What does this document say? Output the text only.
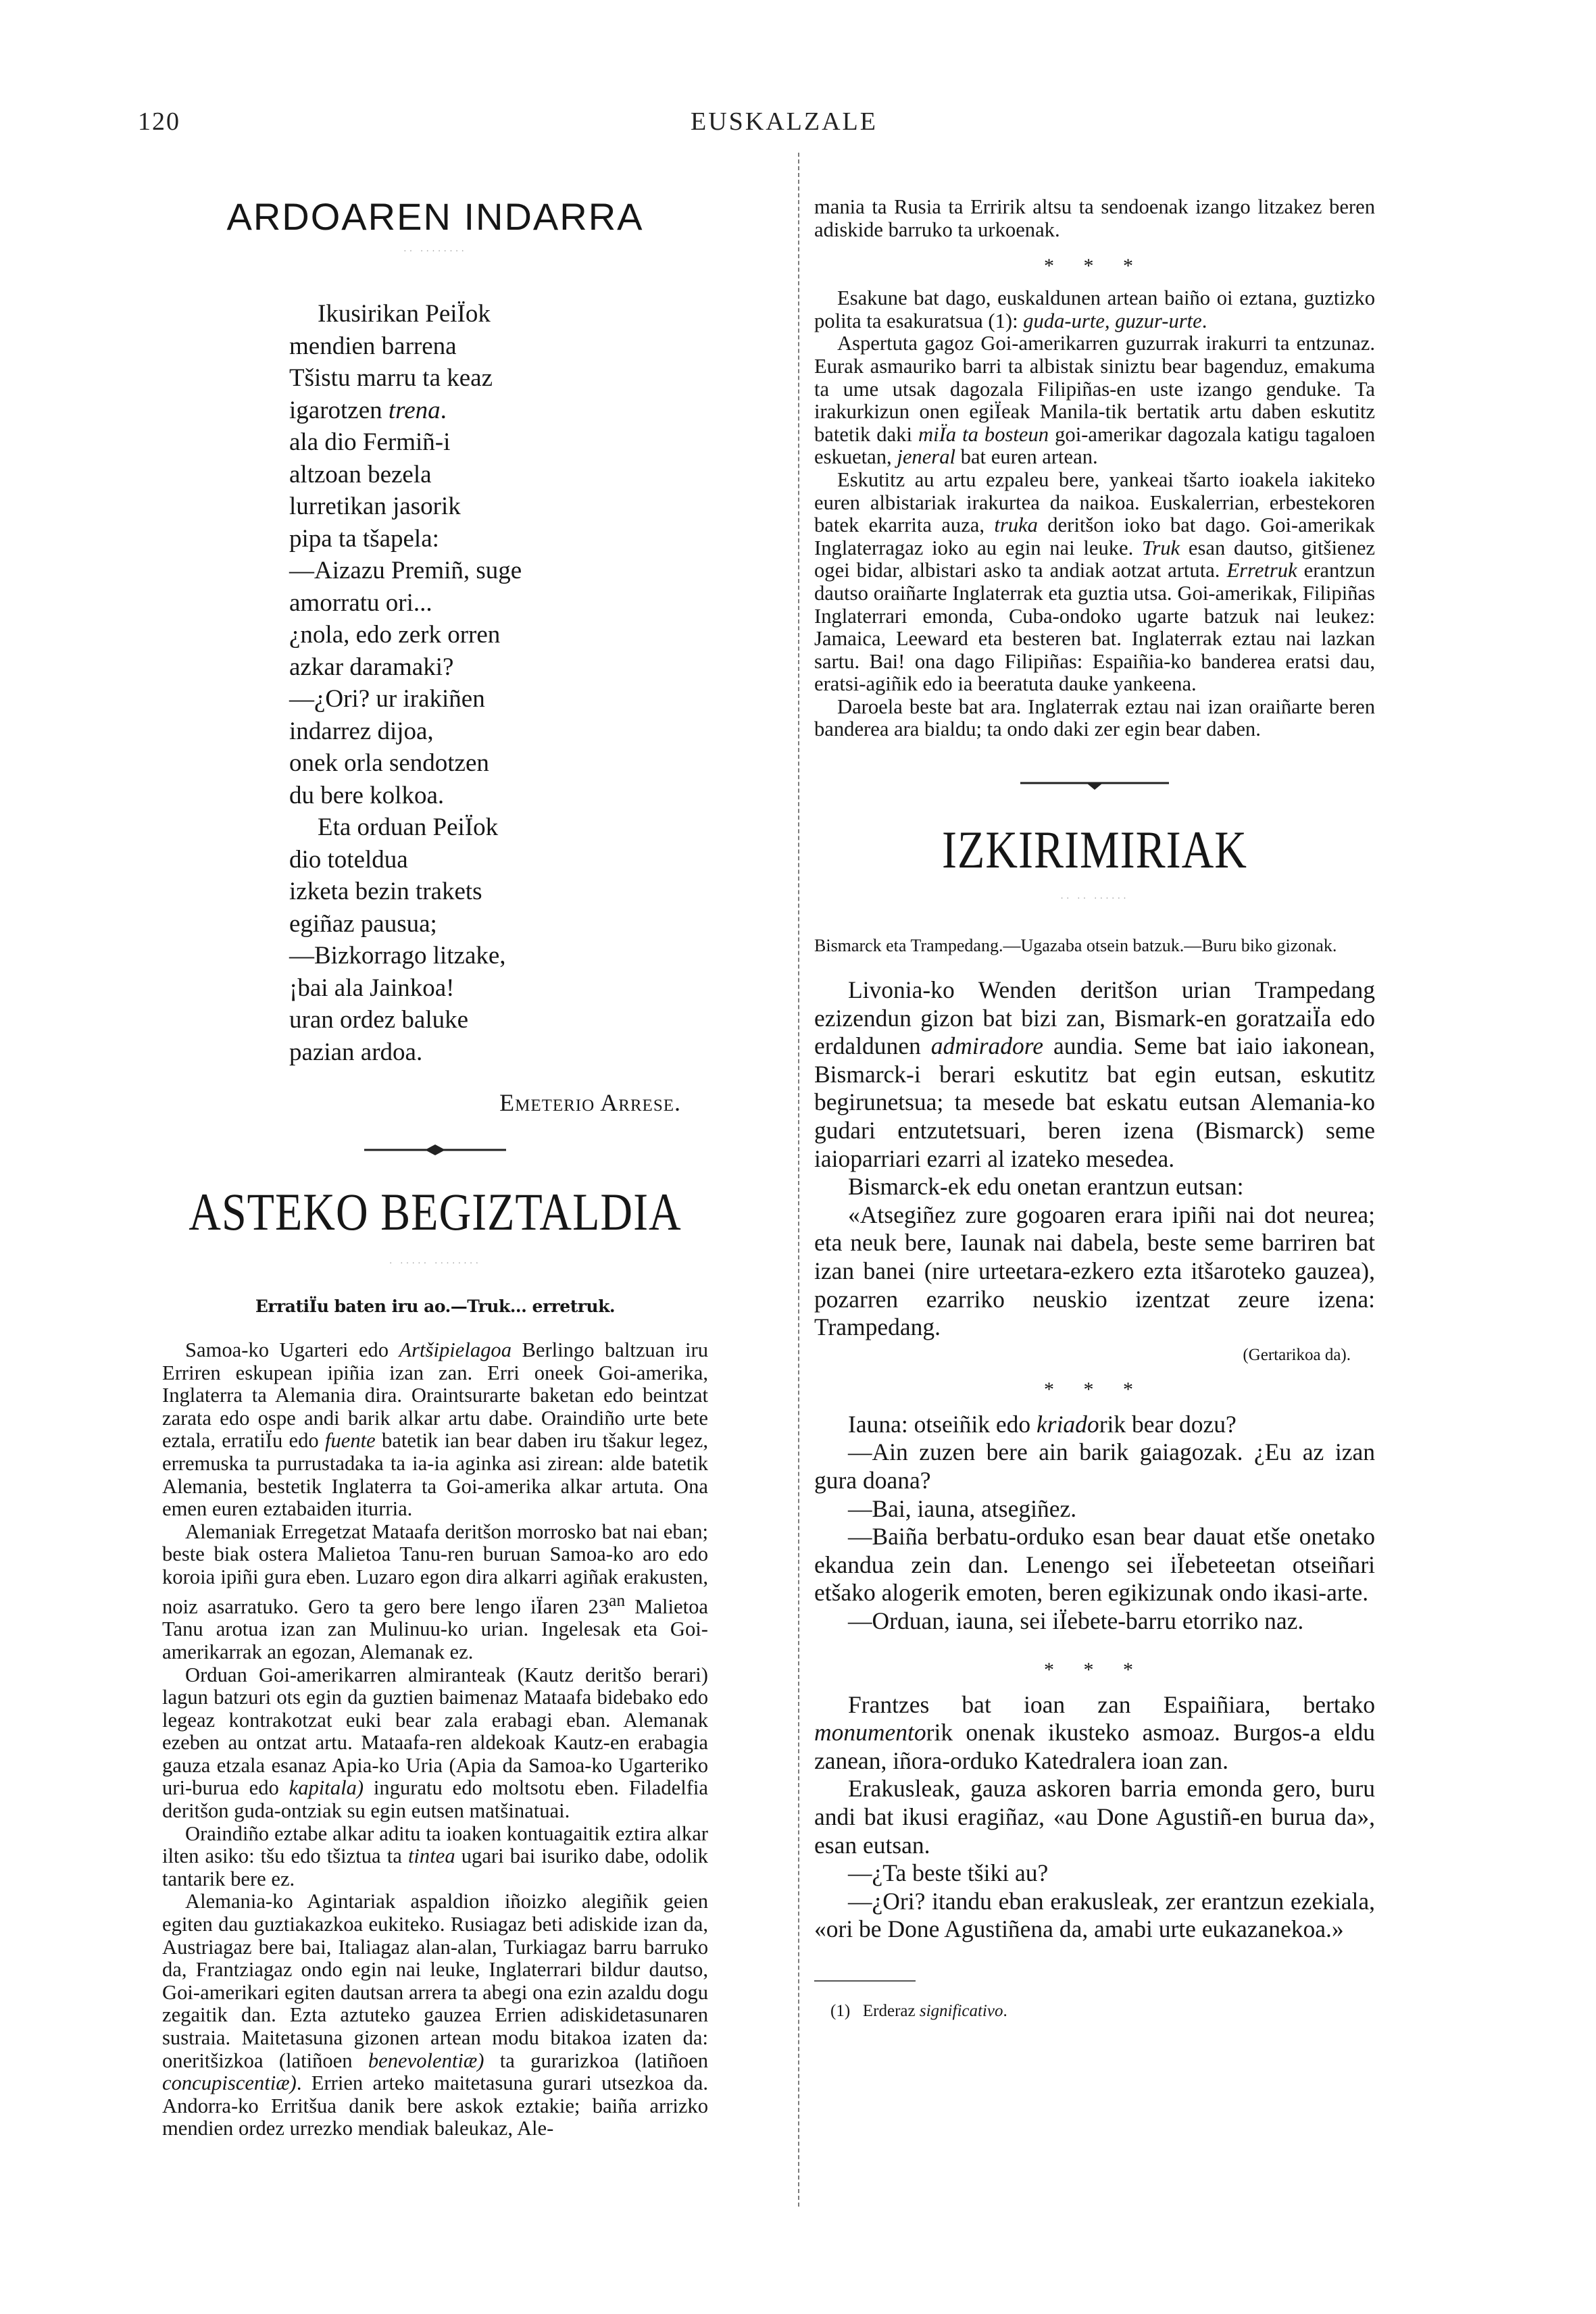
120	EUSKALZALE
ARDOAREN INDARRA
·· ········
Ikusirikan PeiÏok
mendien barrena
Tšistu marru ta keaz
igarotzen trena.
ala dio Fermiñ-i
altzoan bezela
lurretikan jasorik
pipa ta tšapela:
—Aizazu Premiñ, suge
amorratu ori...
¿nola, edo zerk orren
azkar daramaki?
—¿Ori? ur irakiñen
indarrez dijoa,
onek orla sendotzen
du bere kolkoa.
Eta orduan PeiÏok
dio toteldua
izketa bezin trakets
egiñaz pausua;
—Bizkorrago litzake,
¡bai ala Jainkoa!
uran ordez baluke
pazian ardoa.
Emeterio Arrese.
ASTEKO BEGIZTALDIA
· ····· ········
ErratiÏu baten iru ao.—Truk... erretruk.

Samoa-ko Ugarteri edo Artšipielagoa Berlingo baltzuan iru Erriren eskupean ipiñia izan zan. Erri oneek Goi-amerika, Inglaterra ta Alemania dira. Oraintsurarte baketan edo beintzat zarata edo ospe andi barik alkar artu dabe. Oraindiño urte bete eztala, erratiÏu edo fuente batetik ian bear daben iru tšakur legez, erremuska ta purrustadaka ta ia-ia aginka asi zirean: alde batetik Alemania, bestetik Inglaterra ta Goi-amerika alkar artuta. Ona emen euren eztabaiden iturria.

Alemaniak Erregetzat Mataafa deritšon morrosko bat nai eban; beste biak ostera Malietoa Tanu-ren buruan Samoa-ko aro edo koroia ipiñi gura eben. Luzaro egon dira alkarri agiñak erakusten, noiz asarratuko. Gero ta gero bere lengo iÏaren $23^{an}$ Malietoa Tanu arotua izan zan Mulinuu-ko urian. Ingelesak eta Goi-amerikarrak an egozan, Alemanak ez.

Orduan Goi-amerikarren almiranteak (Kautz deritšo berari) lagun batzuri ots egin da guztien baimenaz Mataafa bidebako edo legeaz kontrakotzat euki bear zala erabagi eban. Alemanak ezeben au ontzat artu. Mataafa-ren aldekoak Kautz-en erabagia gauza etzala esanaz Apia-ko Uria (Apia da Samoa-ko Ugarteriko uri-burua edo kapitala) inguratu edo moltsotu eben. Filadelfia deritšon guda-ontziak su egin eutsen matšinatuai.

Oraindiño eztabe alkar aditu ta ioaken kontuagaitik eztira alkar ilten asiko: tšu edo tšiztua ta tintea ugari bai isuriko dabe, odolik tantarik bere ez.

Alemania-ko Agintariak aspaldion iñoizko alegiñik geien egiten dau guztiakazkoa eukiteko. Rusiagaz beti adiskide izan da, Austriagaz bere bai, Italiagaz alan-alan, Turkiagaz barru barruko da, Frantziagaz ondo egin nai leuke, Inglaterrari bildur dautso, Goi-amerikari egiten dautsan arrera ta abegi ona ezin azaldu dogu zegaitik dan. Ezta aztuteko gauzea Errien adiskidetasunaren sustraia. Maitetasuna gizonen artean modu bitakoa izaten da: oneritšizkoa (latiñoen benevolentiæ) ta gurarizkoa (latiñoen concupiscentiæ). Errien arteko maitetasuna gurari utsezkoa da. Andorra-ko Erritšua danik bere askok eztakie; baiña arrizko mendien ordez urrezko mendiak baleukaz, Ale-

mania ta Rusia ta Erririk altsu ta sendoenak izango litzakez beren adiskide barruko ta urkoenak.

* * *

Esakune bat dago, euskaldunen artean baiño oi eztana, guztizko polita ta esakuratsua (1): guda-urte, guzur-urte.

Aspertuta gagoz Goi-amerikarren guzurrak irakurri ta entzunaz. Eurak asmauriko barri ta albistak siniztu bear bagenduz, emakuma ta ume utsak dagozala Filipiñas-en uste izango genduke. Ta irakurkizun onen egiÏeak Manila-tik bertatik artu daben eskutitz batetik daki miÏa ta bosteun goi-amerikar dagozala katigu tagaloen eskuetan, jeneral bat euren artean.

Eskutitz au artu ezpaleu bere, yankeai tšarto ioakela iakiteko euren albistariak irakurtea da naikoa. Euskalerrian, erbestekoren batek ekarrita auza, truka deritšon ioko bat dago. Goi-amerikak Inglaterragaz ioko au egin nai leuke. Truk esan dautso, gitšienez ogei bidar, albistari asko ta andiak aotzat artuta. Erretruk erantzun dautso oraiñarte Inglaterrak eta guztia utsa. Goi-amerikak, Filipiñas Inglaterrari emonda, Cuba-ondoko ugarte batzuk nai leukez: Jamaica, Leeward eta besteren bat. Inglaterrak eztau nai lazkan sartu. Bai! ona dago Filipiñas: Espaiñia-ko banderea eratsi dau, eratsi-agiñik edo ia beeratuta dauke yankeena.

Daroela beste bat ara. Inglaterrak eztau nai izan oraiñarte beren banderea ara bialdu; ta ondo daki zer egin bear daben.

IZKIRIMIRIAK
·· ·· ······
Bismarck eta Trampedang.—Ugazaba otsein batzuk.—Buru biko gizonak.

Livonia-ko Wenden deritšon urian Trampedang ezizendun gizon bat bizi zan, Bismark-en goratzaiÏa edo erdaldunen admiradore aundia. Seme bat iaio iakonean, Bismarck-i berari eskutitz bat egin eutsan, eskutitz begirunetsua; ta mesede bat eskatu eutsan Alemania-ko gudari entzutetsuari, beren izena (Bismarck) seme iaioparriari ezarri al izateko mesedea.

Bismarck-ek edu onetan erantzun eutsan:

«Atsegiñez zure gogoaren erara ipiñi nai dot neurea; eta neuk bere, Iaunak nai dabela, beste seme barriren bat izan banei (nire urteetara-ezkero ezta itšaroteko gauzea), pozarren ezarriko neuskio izentzat zeure izena: Trampedang.

(Gertarikoa da).
* * *

Iauna: otseiñik edo kriadorik bear dozu?

—Ain zuzen bere ain barik gaiagozak. ¿Eu az izan gura doana?

—Bai, iauna, atsegiñez.

—Baiña berbatu-orduko esan bear dauat etše onetako ekandua zein dan. Lenengo sei iÏebeteetan otseiñari etšako alogerik emoten, beren egikizunak ondo ikasi-arte.

—Orduan, iauna, sei iÏebete-barru etorriko naz.

* * *

Frantzes bat ioan zan Espaiñiara, bertako monumentorik onenak ikusteko asmoaz. Burgos-a eldu zanean, iñora-orduko Katedralera ioan zan.

Erakusleak, gauza askoren barria emonda gero, buru andi bat ikusi eragiñaz, «au Done Agustiñ-en burua da», esan eutsan.

—¿Ta beste tšiki au?

—¿Ori? itandu eban erakusleak, zer erantzun ezekiala, «ori be Done Agustiñena da, amabi urte eukazanekoa.»

(1) Erderaz significativo.
